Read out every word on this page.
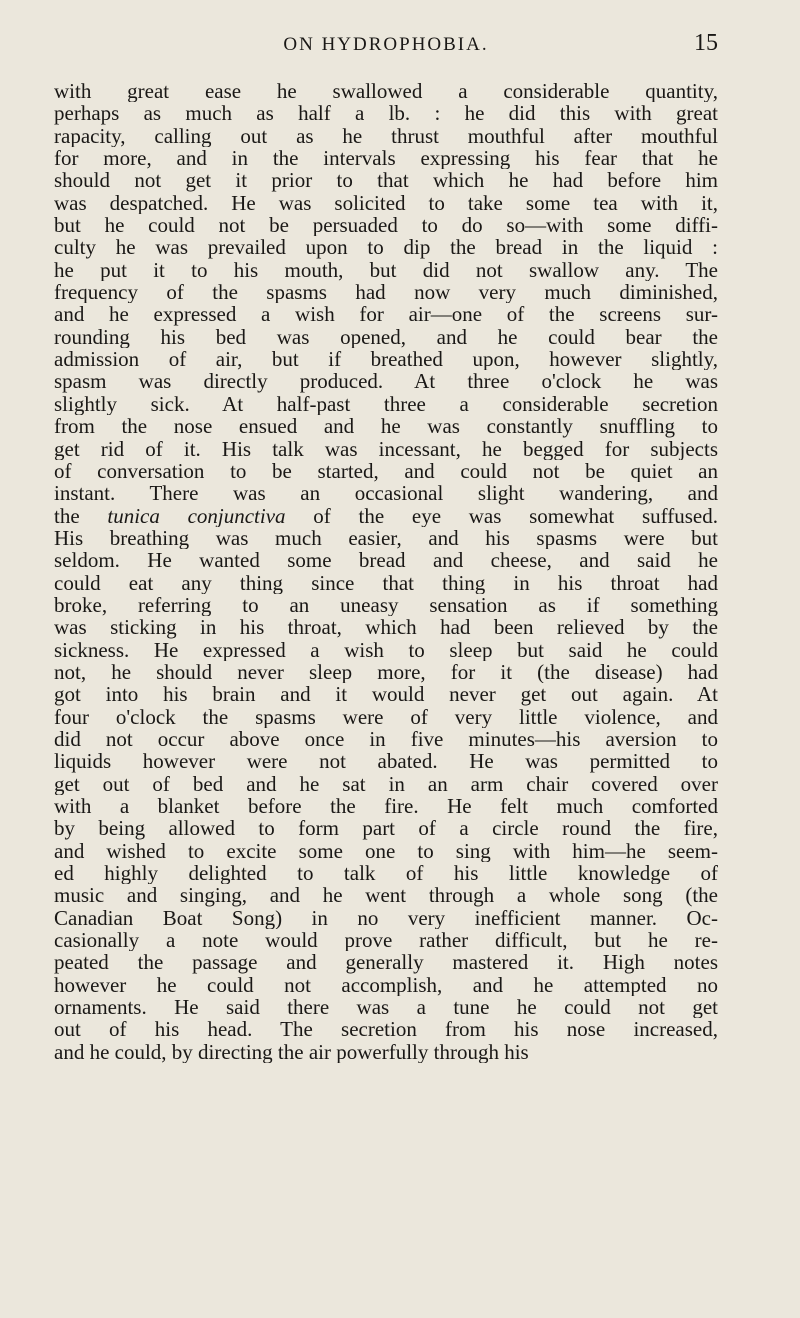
ON HYDROPHOBIA.	15
with great ease he swallowed a considerable quantity,
perhaps as much as half a lb. : he did this with great
rapacity, calling out as he thrust mouthful after mouthful
for more, and in the intervals expressing his fear that he
should not get it prior to that which he had before him
was despatched. He was solicited to take some tea with it,
but he could not be persuaded to do so—with some diffi-
culty he was prevailed upon to dip the bread in the liquid :
he put it to his mouth, but did not swallow any. The
frequency of the spasms had now very much diminished,
and he expressed a wish for air—one of the screens sur-
rounding his bed was opened, and he could bear the
admission of air, but if breathed upon, however slightly,
spasm was directly produced. At three o'clock he was
slightly sick. At half-past three a considerable secretion
from the nose ensued and he was constantly snuffling to
get rid of it. His talk was incessant, he begged for subjects
of conversation to be started, and could not be quiet an
instant. There was an occasional slight wandering, and
the tunica conjunctiva of the eye was somewhat suffused.
His breathing was much easier, and his spasms were but
seldom. He wanted some bread and cheese, and said he
could eat any thing since that thing in his throat had
broke, referring to an uneasy sensation as if something
was sticking in his throat, which had been relieved by the
sickness. He expressed a wish to sleep but said he could
not, he should never sleep more, for it (the disease) had
got into his brain and it would never get out again. At
four o'clock the spasms were of very little violence, and
did not occur above once in five minutes—his aversion to
liquids however were not abated. He was permitted to
get out of bed and he sat in an arm chair covered over
with a blanket before the fire. He felt much comforted
by being allowed to form part of a circle round the fire,
and wished to excite some one to sing with him—he seem-
ed highly delighted to talk of his little knowledge of
music and singing, and he went through a whole song (the
Canadian Boat Song) in no very inefficient manner. Oc-
casionally a note would prove rather difficult, but he re-
peated the passage and generally mastered it. High notes
however he could not accomplish, and he attempted no
ornaments. He said there was a tune he could not get
out of his head. The secretion from his nose increased,
and he could, by directing the air powerfully through his
